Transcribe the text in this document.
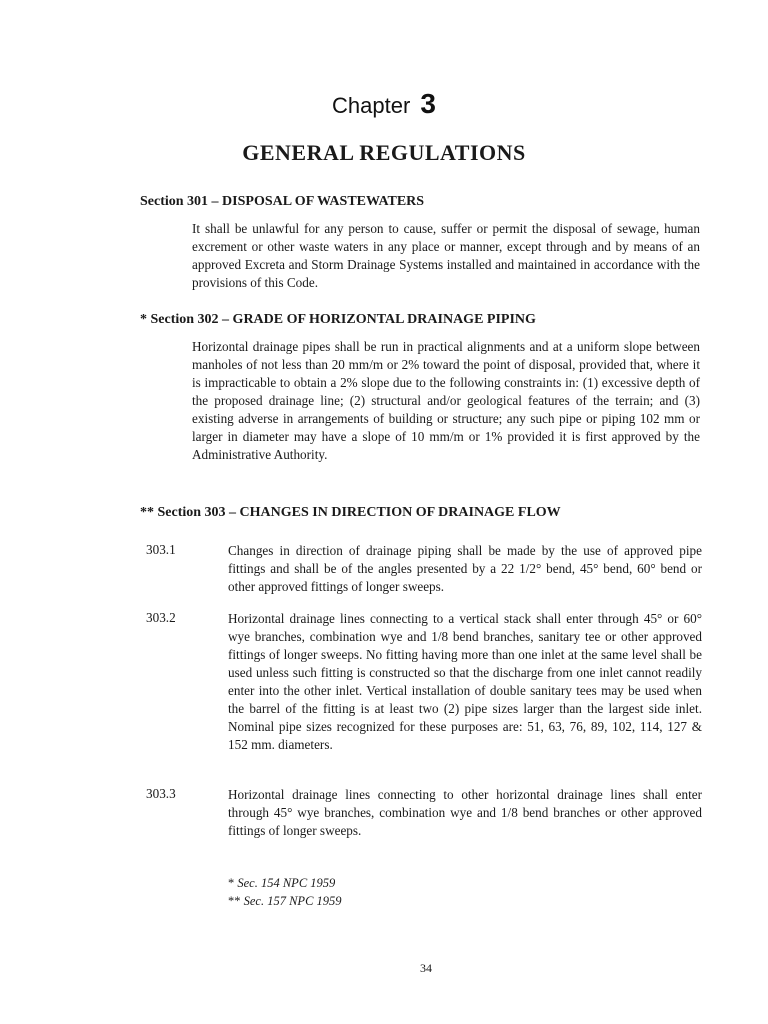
Chapter 3
GENERAL REGULATIONS
Section 301 – DISPOSAL OF WASTEWATERS
It shall be unlawful for any person to cause, suffer or permit the disposal of sewage, human excrement or other waste waters in any place or manner, except through and by means of an approved Excreta and Storm Drainage Systems installed and maintained in accordance with the provisions of this Code.
* Section 302 – GRADE OF HORIZONTAL DRAINAGE PIPING
Horizontal drainage pipes shall be run in practical alignments and at a uniform slope between manholes of not less than 20 mm/m or 2% toward the point of disposal, provided that, where it is impracticable to obtain a 2% slope due to the following constraints in: (1) excessive depth of the proposed drainage line; (2) structural and/or geological features of the terrain; and (3) existing adverse in arrangements of building or structure; any such pipe or piping 102 mm or larger in diameter may have a slope of 10 mm/m or 1% provided it is first approved by the Administrative Authority.
** Section 303 – CHANGES IN DIRECTION OF DRAINAGE FLOW
303.1	Changes in direction of drainage piping shall be made by the use of approved pipe fittings and shall be of the angles presented by a 22 1/2° bend, 45° bend, 60° bend or other approved fittings of longer sweeps.
303.2	Horizontal drainage lines connecting to a vertical stack shall enter through 45° or 60° wye branches, combination wye and 1/8 bend branches, sanitary tee or other approved fittings of longer sweeps. No fitting having more than one inlet at the same level shall be used unless such fitting is constructed so that the discharge from one inlet cannot readily enter into the other inlet. Vertical installation of double sanitary tees may be used when the barrel of the fitting is at least two (2) pipe sizes larger than the largest side inlet. Nominal pipe sizes recognized for these purposes are: 51, 63, 76, 89, 102, 114, 127 & 152 mm. diameters.
303.3	Horizontal drainage lines connecting to other horizontal drainage lines shall enter through 45° wye branches, combination wye and 1/8 bend branches or other approved fittings of longer sweeps.
* Sec. 154 NPC 1959
** Sec. 157 NPC 1959
34
